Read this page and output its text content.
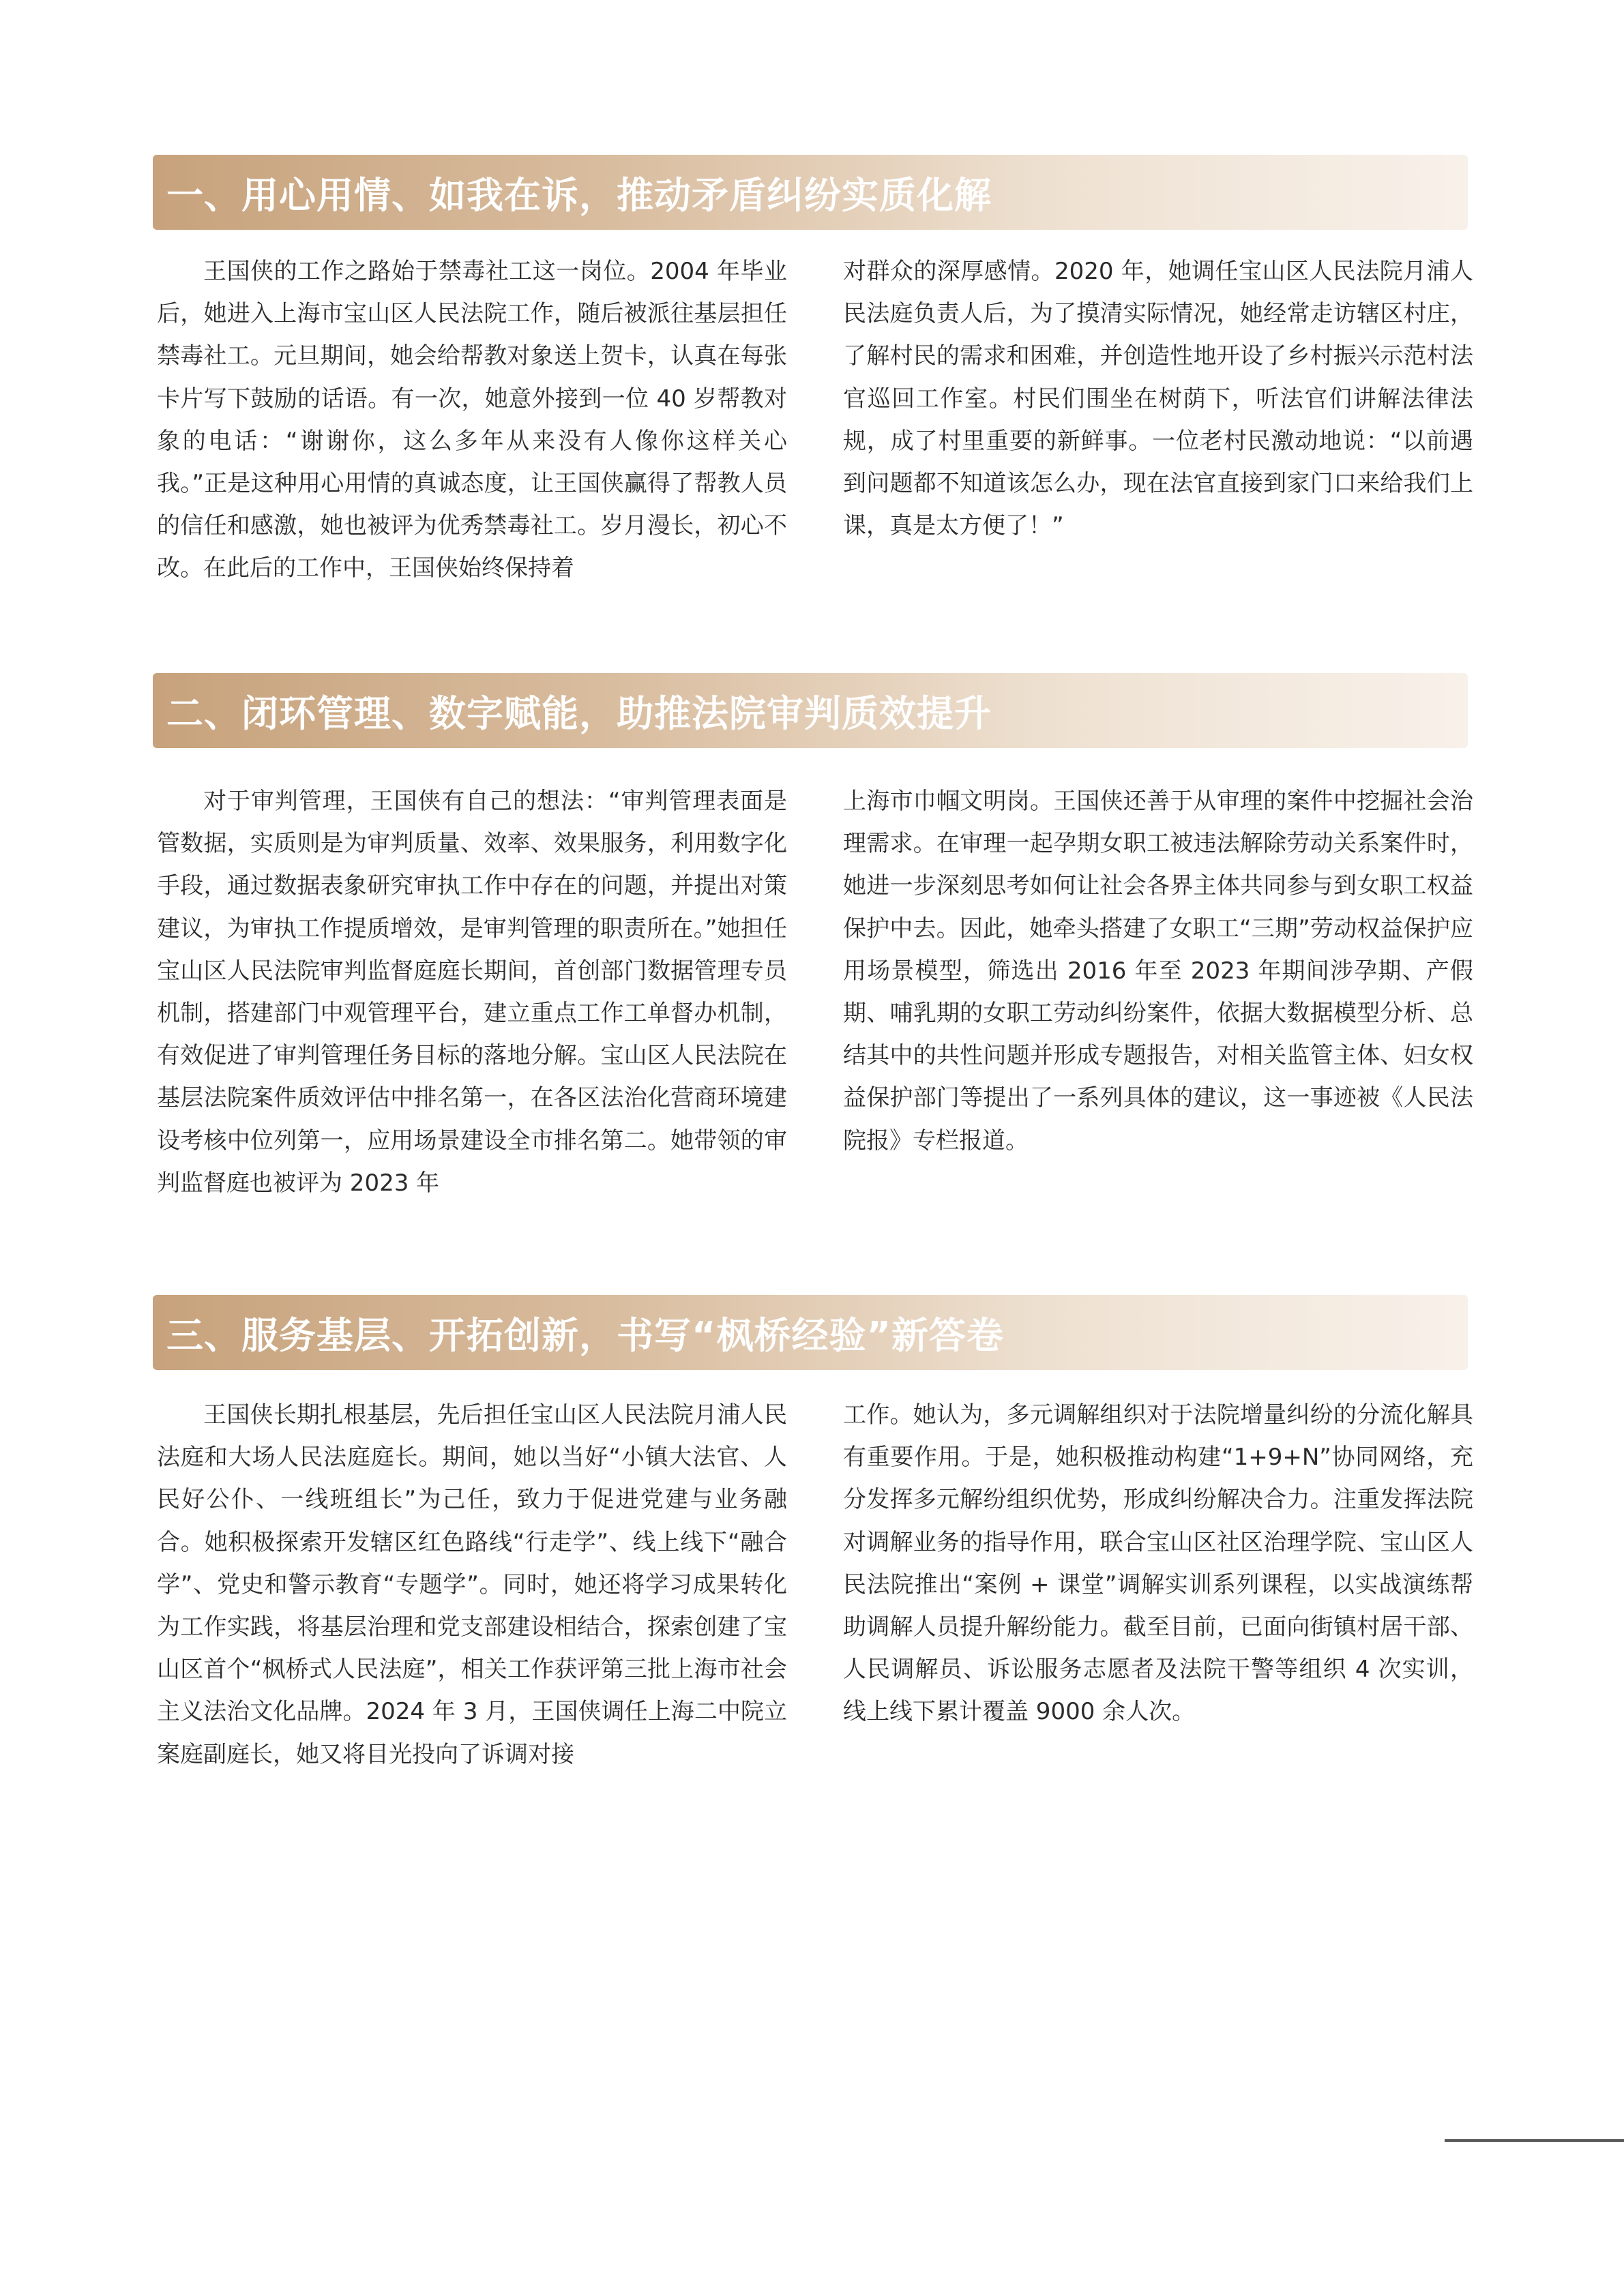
一、用心用情、如我在诉，推动矛盾纠纷实质化解

王国侠的工作之路始于禁毒社工这一岗位。2004 年毕业后，她进入上海市宝山区人民法院工作，随后被派往基层担任禁毒社工。元旦期间，她会给帮教对象送上贺卡，认真在每张卡片写下鼓励的话语。有一次，她意外接到一位 40 岁帮教对象的电话：“谢谢你，这么多年从来没有人像你这样关心我。”正是这种用心用情的真诚态度，让王国侠赢得了帮教人员的信任和感激，她也被评为优秀禁毒社工。岁月漫长，初心不改。在此后的工作中，王国侠始终保持着

对群众的深厚感情。2020 年，她调任宝山区人民法院月浦人民法庭负责人后，为了摸清实际情况，她经常走访辖区村庄，了解村民的需求和困难，并创造性地开设了乡村振兴示范村法官巡回工作室。村民们围坐在树荫下，听法官们讲解法律法规，成了村里重要的新鲜事。一位老村民激动地说：“以前遇到问题都不知道该怎么办，现在法官直接到家门口来给我们上课，真是太方便了！”

二、闭环管理、数字赋能，助推法院审判质效提升

对于审判管理，王国侠有自己的想法：“审判管理表面是管数据，实质则是为审判质量、效率、效果服务，利用数字化手段，通过数据表象研究审执工作中存在的问题，并提出对策建议，为审执工作提质增效，是审判管理的职责所在。”她担任宝山区人民法院审判监督庭庭长期间，首创部门数据管理专员机制，搭建部门中观管理平台，建立重点工作工单督办机制，有效促进了审判管理任务目标的落地分解。宝山区人民法院在基层法院案件质效评估中排名第一，在各区法治化营商环境建设考核中位列第一，应用场景建设全市排名第二。她带领的审判监督庭也被评为 2023 年

上海市巾帼文明岗。王国侠还善于从审理的案件中挖掘社会治理需求。在审理一起孕期女职工被违法解除劳动关系案件时，她进一步深刻思考如何让社会各界主体共同参与到女职工权益保护中去。因此，她牵头搭建了女职工“三期”劳动权益保护应用场景模型，筛选出 2016 年至 2023 年期间涉孕期、产假期、哺乳期的女职工劳动纠纷案件，依据大数据模型分析、总结其中的共性问题并形成专题报告，对相关监管主体、妇女权益保护部门等提出了一系列具体的建议，这一事迹被《人民法院报》专栏报道。

三、服务基层、开拓创新，书写“枫桥经验”新答卷

王国侠长期扎根基层，先后担任宝山区人民法院月浦人民法庭和大场人民法庭庭长。期间，她以当好“小镇大法官、人民好公仆、一线班组长”为己任，致力于促进党建与业务融合。她积极探索开发辖区红色路线“行走学”、线上线下“融合学”、党史和警示教育“专题学”。同时，她还将学习成果转化为工作实践，将基层治理和党支部建设相结合，探索创建了宝山区首个“枫桥式人民法庭”，相关工作获评第三批上海市社会主义法治文化品牌。2024 年 3 月，王国侠调任上海二中院立案庭副庭长，她又将目光投向了诉调对接

工作。她认为，多元调解组织对于法院增量纠纷的分流化解具有重要作用。于是，她积极推动构建“1+9+N”协同网络，充分发挥多元解纷组织优势，形成纠纷解决合力。注重发挥法院对调解业务的指导作用，联合宝山区社区治理学院、宝山区人民法院推出“案例 + 课堂”调解实训系列课程，以实战演练帮助调解人员提升解纷能力。截至目前，已面向街镇村居干部、人民调解员、诉讼服务志愿者及法院干警等组织 4 次实训，线上线下累计覆盖 9000 余人次。
